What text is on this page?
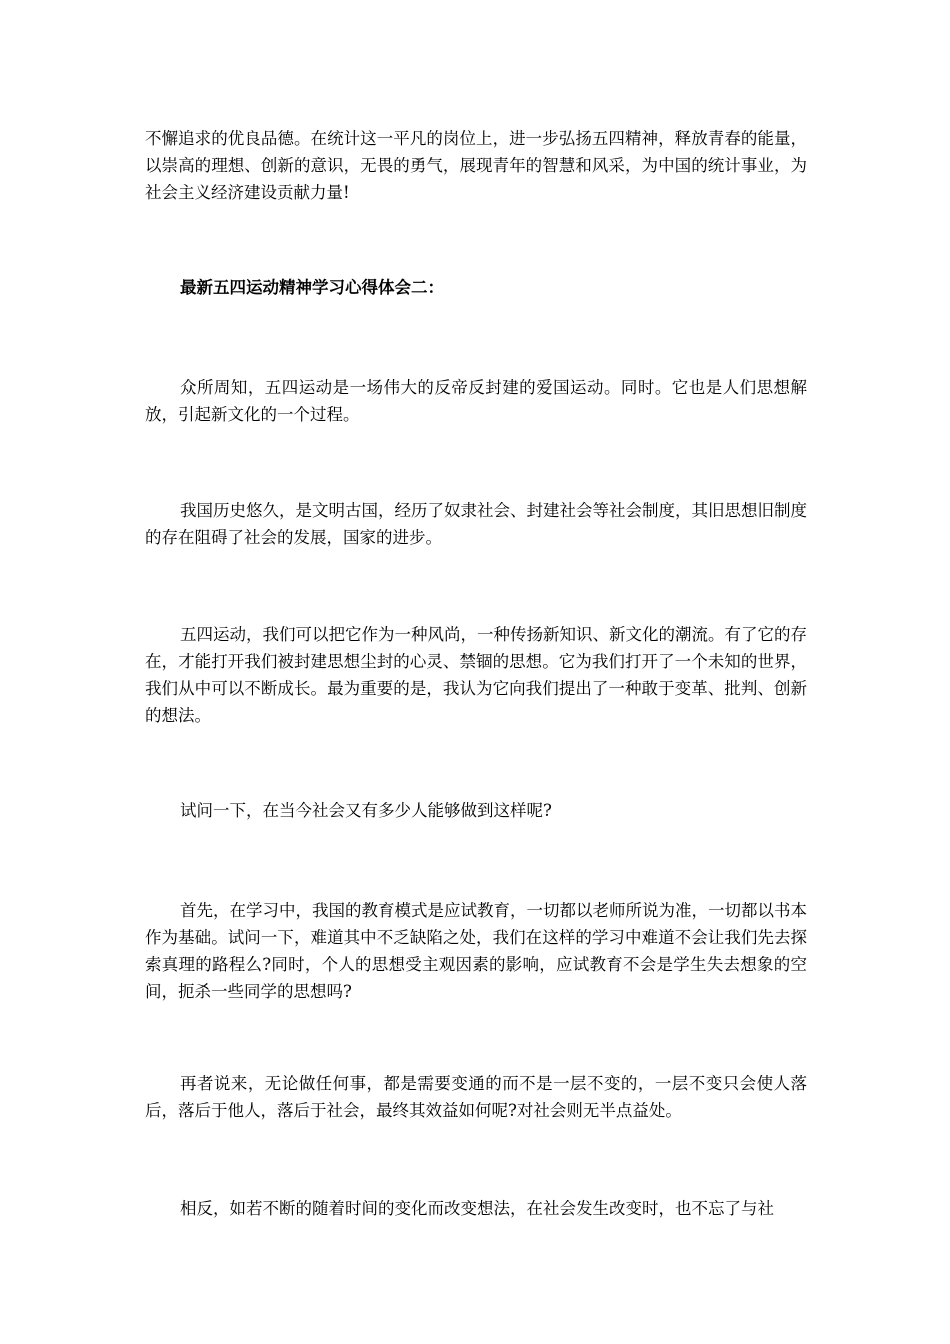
不懈追求的优良品德。在统计这一平凡的岗位上，进一步弘扬五四精神，释放青春的能量，以崇高的理想、创新的意识，无畏的勇气，展现青年的智慧和风采，为中国的统计事业，为社会主义经济建设贡献力量!

最新五四运动精神学习心得体会二：

众所周知，五四运动是一场伟大的反帝反封建的爱国运动。同时。它也是人们思想解放，引起新文化的一个过程。

我国历史悠久，是文明古国，经历了奴隶社会、封建社会等社会制度，其旧思想旧制度的存在阻碍了社会的发展，国家的进步。

五四运动，我们可以把它作为一种风尚，一种传扬新知识、新文化的潮流。有了它的存在，才能打开我们被封建思想尘封的心灵、禁锢的思想。它为我们打开了一个未知的世界，我们从中可以不断成长。最为重要的是，我认为它向我们提出了一种敢于变革、批判、创新的想法。

试问一下，在当今社会又有多少人能够做到这样呢?

首先，在学习中，我国的教育模式是应试教育，一切都以老师所说为准，一切都以书本作为基础。试问一下，难道其中不乏缺陷之处，我们在这样的学习中难道不会让我们先去探索真理的路程么?同时，个人的思想受主观因素的影响，应试教育不会是学生失去想象的空间，扼杀一些同学的思想吗?

再者说来，无论做任何事，都是需要变通的而不是一层不变的，一层不变只会使人落后，落后于他人，落后于社会，最终其效益如何呢?对社会则无半点益处。

相反，如若不断的随着时间的变化而改变想法，在社会发生改变时，也不忘了与社
